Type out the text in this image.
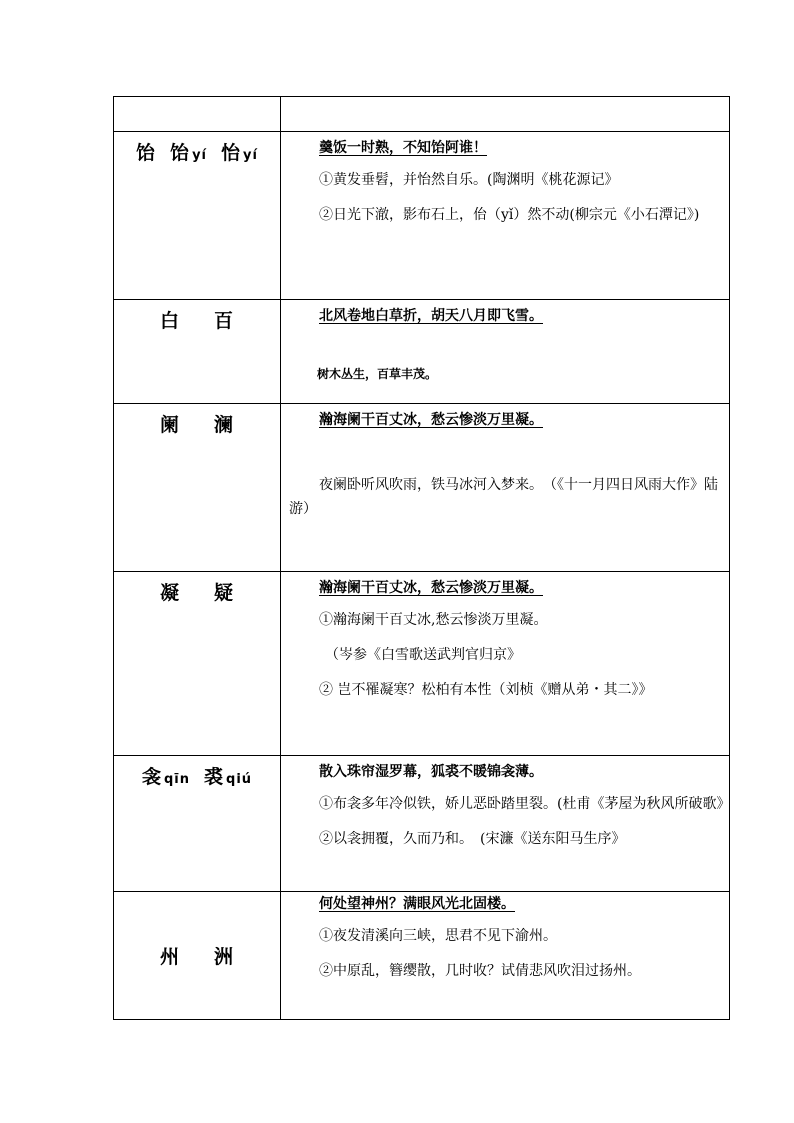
饴 饴 yí 怡 yí	羹饭一时熟，不知饴阿谁！

①黄发垂髫，并怡然自乐。(陶渊明《桃花源记》

②日光下澈，影布石上，佁（yǐ）然不动(柳宗元《小石潭记》)

白 百	北风卷地白草折，胡天八月即飞雪。

树木丛生，百草丰茂。

阑 澜	瀚海阑干百丈冰，愁云惨淡万里凝。

夜阑卧听风吹雨，铁马冰河入梦来。　（《十一月四日风雨大作》陆游）

凝 疑	瀚海阑干百丈冰，愁云惨淡万里凝。

①瀚海阑干百丈冰,愁云惨淡万里凝。

（岑参《白雪歌送武判官归京》

② 岂不罹凝寒？松柏有本性（刘桢《赠从弟・其二》》

衾 qīn 裘 qiú	散入珠帘湿罗幕，狐裘不暖锦衾薄。

①布衾多年冷似铁，娇儿恶卧踏里裂。(杜甫《茅屋为秋风所破歌》

②以衾拥覆，久而乃和。　(宋濂《送东阳马生序》

州 洲	何处望神州？满眼风光北固楼。

①夜发清溪向三峡，思君不见下渝州。

②中原乱，簪缨散，几时收？试倩悲风吹泪过扬州。
